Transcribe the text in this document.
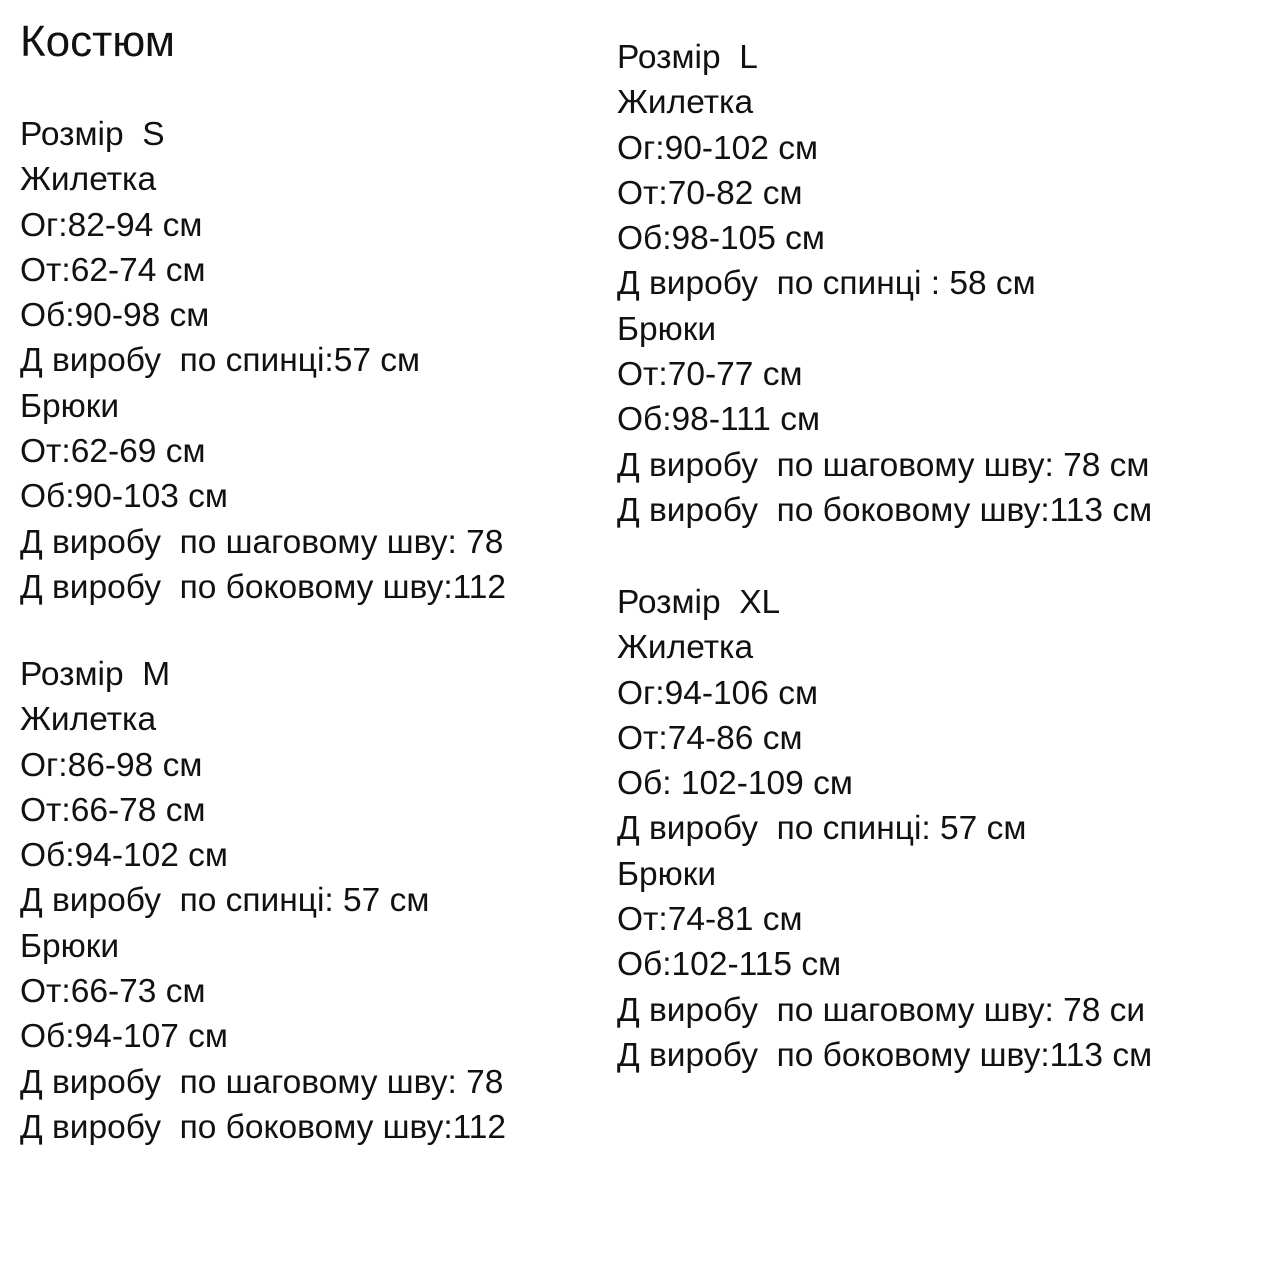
Костюм
Розмір  S
Жилетка
Ог:82-94 см
От:62-74 см
Об:90-98 см
Д виробу  по спинці:57 см
Брюки
От:62-69 см
Об:90-103 см
Д виробу  по шаговому шву: 78
Д виробу  по боковому шву:112
Розмір  M
Жилетка
Ог:86-98 см
От:66-78 см
Об:94-102 см
Д виробу  по спинці: 57 см
Брюки
От:66-73 см
Об:94-107 см
Д виробу  по шаговому шву: 78
Д виробу  по боковому шву:112
Розмір  L
Жилетка
Ог:90-102 см
От:70-82 см
Об:98-105 см
Д виробу  по спинці : 58 см
Брюки
От:70-77 см
Об:98-111 см
Д виробу  по шаговому шву: 78 см
Д виробу  по боковому шву:113 см
Розмір  XL
Жилетка
Ог:94-106 см
От:74-86 см
Об: 102-109 см
Д виробу  по спинці: 57 см
Брюки
От:74-81 см
Об:102-115 см
Д виробу  по шаговому шву: 78 си
Д виробу  по боковому шву:113 см
